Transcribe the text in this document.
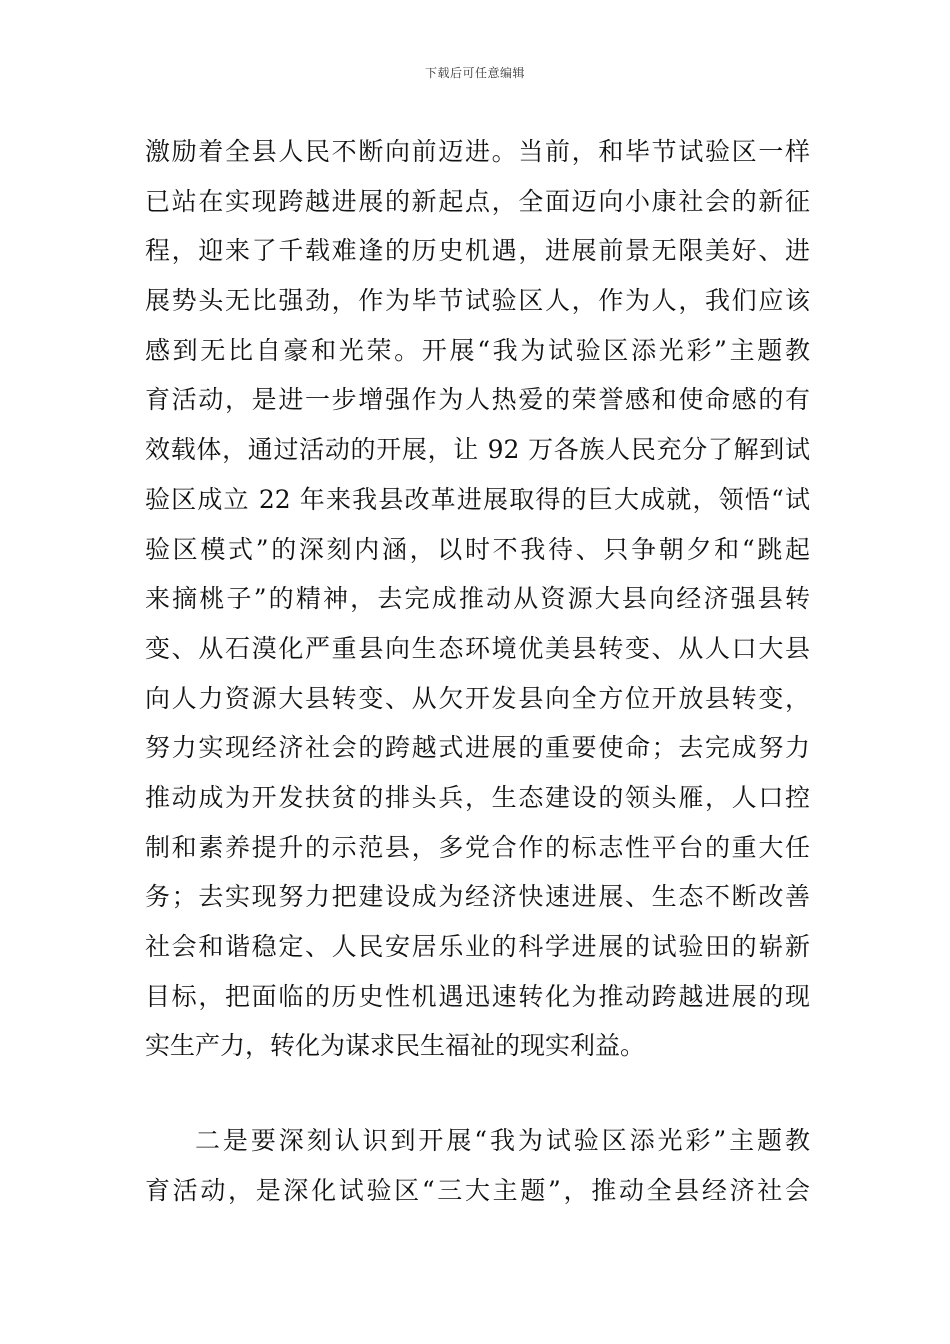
下载后可任意编辑
激励着全县人民不断向前迈进。当前，和毕节试验区一样
已站在实现跨越进展的新起点，全面迈向小康社会的新征
程，迎来了千载难逢的历史机遇，进展前景无限美好、进
展势头无比强劲，作为毕节试验区人，作为人，我们应该
感到无比自豪和光荣。开展“我为试验区添光彩”主题教
育活动，是进一步增强作为人热爱的荣誉感和使命感的有
效载体，通过活动的开展，让 92 万各族人民充分了解到试
验区成立 22 年来我县改革进展取得的巨大成就，领悟“试
验区模式”的深刻内涵，以时不我待、只争朝夕和“跳起
来摘桃子”的精神，去完成推动从资源大县向经济强县转
变、从石漠化严重县向生态环境优美县转变、从人口大县
向人力资源大县转变、从欠开发县向全方位开放县转变，
努力实现经济社会的跨越式进展的重要使命；去完成努力
推动成为开发扶贫的排头兵，生态建设的领头雁，人口控
制和素养提升的示范县，多党合作的标志性平台的重大任
务；去实现努力把建设成为经济快速进展、生态不断改善
社会和谐稳定、人民安居乐业的科学进展的试验田的崭新
目标，把面临的历史性机遇迅速转化为推动跨越进展的现
实生产力，转化为谋求民生福祉的现实利益。
二是要深刻认识到开展“我为试验区添光彩”主题教
育活动，是深化试验区“三大主题”，推动全县经济社会
